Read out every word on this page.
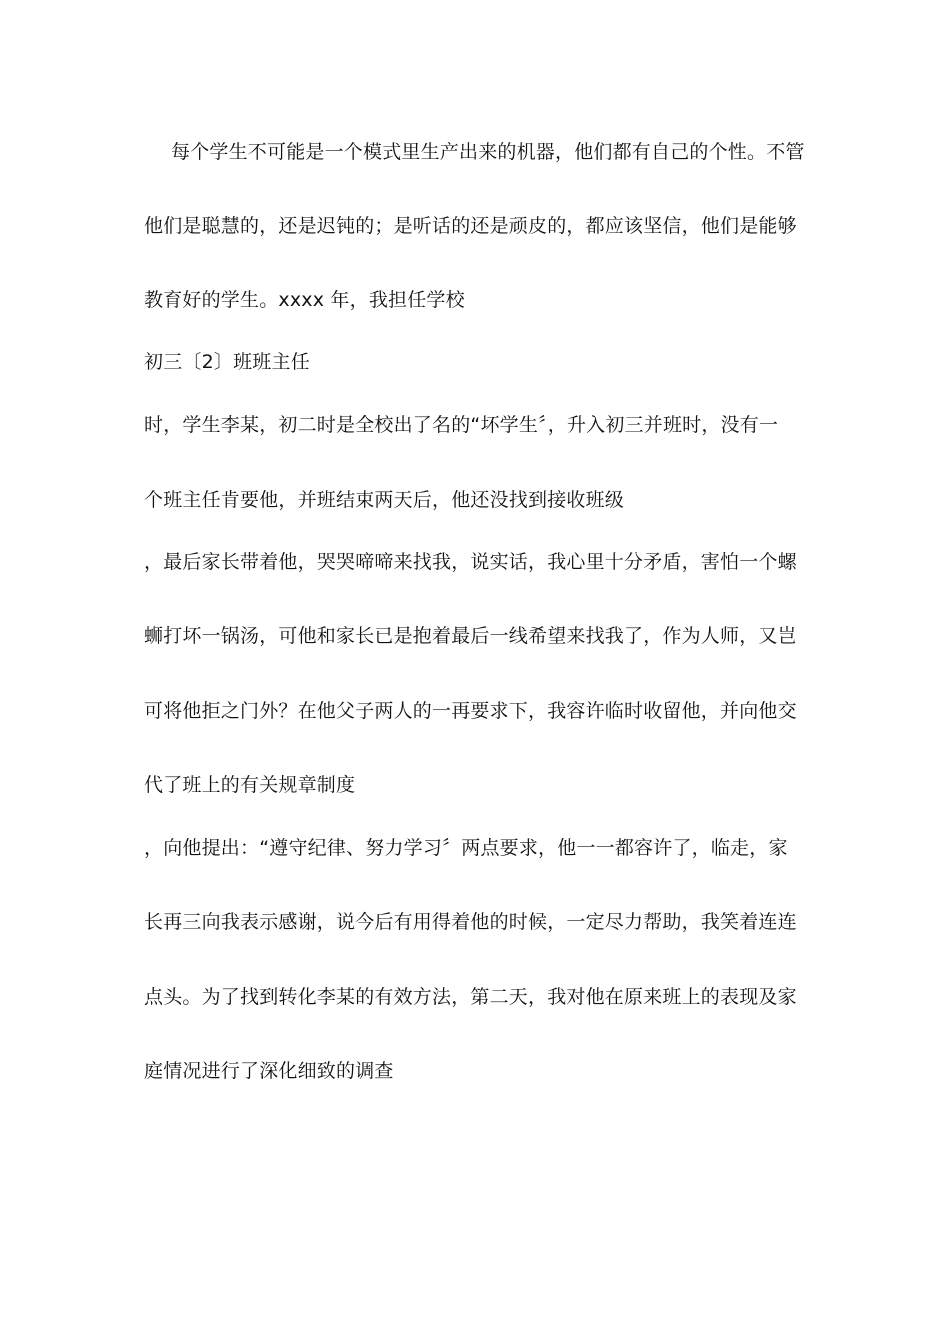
每个学生不可能是一个模式里生产出来的机器，他们都有自己的个性。不管
他们是聪慧的，还是迟钝的；是听话的还是顽皮的，都应该坚信，他们是能够
教育好的学生。xxxx 年，我担任学校
初三〔2〕班班主任
时，学生李某，初二时是全校出了名的“坏学生〞，升入初三并班时，没有一
个班主任肯要他，并班结束两天后，他还没找到接收班级
，最后家长带着他，哭哭啼啼来找我，说实话，我心里十分矛盾，害怕一个螺
蛳打坏一锅汤，可他和家长已是抱着最后一线希望来找我了，作为人师，又岂
可将他拒之门外？在他父子两人的一再要求下，我容许临时收留他，并向他交
代了班上的有关规章制度
，向他提出：“遵守纪律、努力学习〞两点要求，他一一都容许了，临走，家
长再三向我表示感谢，说今后有用得着他的时候，一定尽力帮助，我笑着连连
点头。为了找到转化李某的有效方法，第二天，我对他在原来班上的表现及家
庭情况进行了深化细致的调查
